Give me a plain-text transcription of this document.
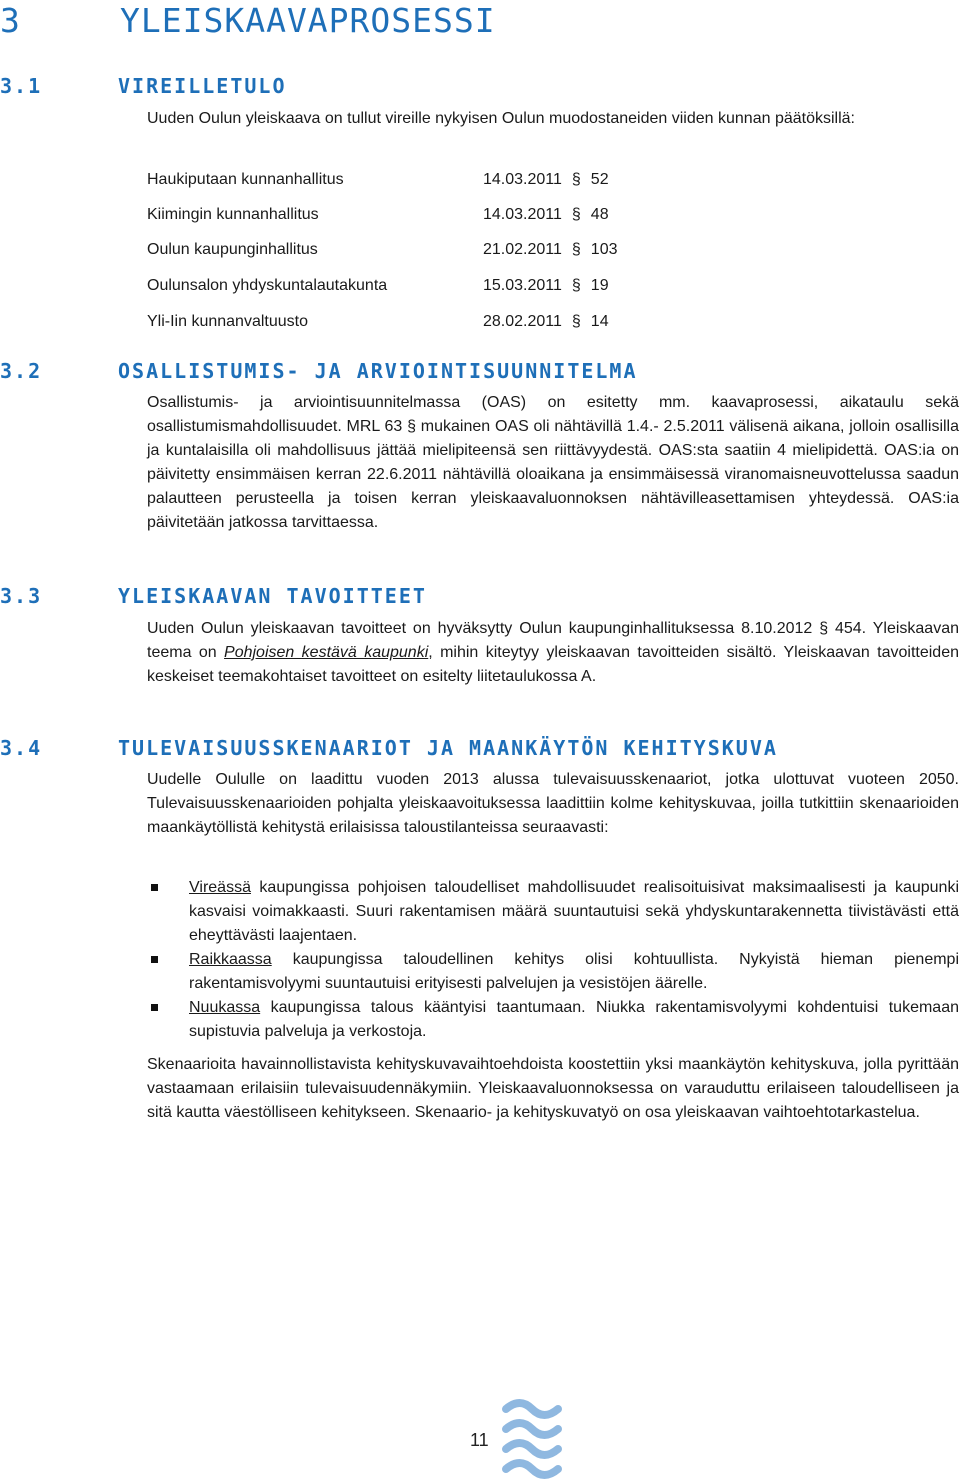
3	YLEISKAAVAPROSESSI
3.1	VIREILLETULO

Uuden Oulun yleiskaava on tullut vireille nykyisen Oulun muodostaneiden viiden kunnan päätöksillä:

Haukiputaan kunnanhallitus	14.03.2011 § 52
Kiimingin kunnanhallitus	14.03.2011 § 48
Oulun kaupunginhallitus	21.02.2011 § 103
Oulunsalon yhdyskuntalautakunta	15.03.2011 § 19
Yli-Iin kunnanvaltuusto	28.02.2011 § 14
3.2	OSALLISTUMIS- JA ARVIOINTISUUNNITELMA

Osallistumis- ja arviointisuunnitelmassa (OAS) on esitetty mm. kaavaprosessi, aikataulu sekä osallistumismahdollisuudet. MRL 63 § mukainen OAS oli nähtävillä 1.4.- 2.5.2011 välisenä aikana, jolloin osallisilla ja kuntalaisilla oli mahdollisuus jättää mielipiteensä sen riittävyydestä. OAS:sta saatiin 4 mielipidettä. OAS:ia on päivitetty ensimmäisen kerran 22.6.2011 nähtävillä oloaikana ja ensimmäisessä viranomaisneuvottelussa saadun palautteen perusteella ja toisen kerran yleiskaavaluonnoksen nähtävilleasettamisen yhteydessä. OAS:ia päivitetään jatkossa tarvittaessa.

3.3	YLEISKAAVAN TAVOITTEET

Uuden Oulun yleiskaavan tavoitteet on hyväksytty Oulun kaupunginhallituksessa 8.10.2012 § 454. Yleiskaavan teema on Pohjoisen kestävä kaupunki, mihin kiteytyy yleiskaavan tavoitteiden sisältö. Yleiskaavan tavoitteiden keskeiset teemakohtaiset tavoitteet on esitelty liitetaulukossa A.

3.4	TULEVAISUUSSKENAARIOT JA MAANKÄYTÖN KEHITYSKUVA

Uudelle Oululle on laadittu vuoden 2013 alussa tulevaisuusskenaariot, jotka ulottuvat vuoteen 2050. Tulevaisuusskenaarioiden pohjalta yleiskaavoituksessa laadittiin kolme kehityskuvaa, joilla tutkittiin skenaarioiden maankäytöllistä kehitystä erilaisissa taloustilanteissa seuraavasti:

Vireässä kaupungissa pohjoisen taloudelliset mahdollisuudet realisoituisivat maksimaalisesti ja kaupunki kasvaisi voimakkaasti. Suuri rakentamisen määrä suuntautuisi sekä yhdyskuntarakennetta tiivistävästi että eheyttävästi laajentaen.
Raikkaassa kaupungissa taloudellinen kehitys olisi kohtuullista. Nykyistä hieman pienempi rakentamisvolyymi suuntautuisi erityisesti palvelujen ja vesistöjen äärelle.
Nuukassa kaupungissa talous kääntyisi taantumaan. Niukka rakentamisvolyymi kohdentuisi tukemaan supistuvia palveluja ja verkostoja.

Skenaarioita havainnollistavista kehityskuvavaihtoehdoista koostettiin yksi maankäytön kehityskuva, jolla pyrittään vastaamaan erilaisiin tulevaisuudennäkymiin. Yleiskaavaluonnoksessa on varauduttu erilaiseen taloudelliseen ja sitä kautta väestölliseen kehitykseen. Skenaario- ja kehityskuvatyö on osa yleiskaavan vaihtoehtotarkastelua.

11
